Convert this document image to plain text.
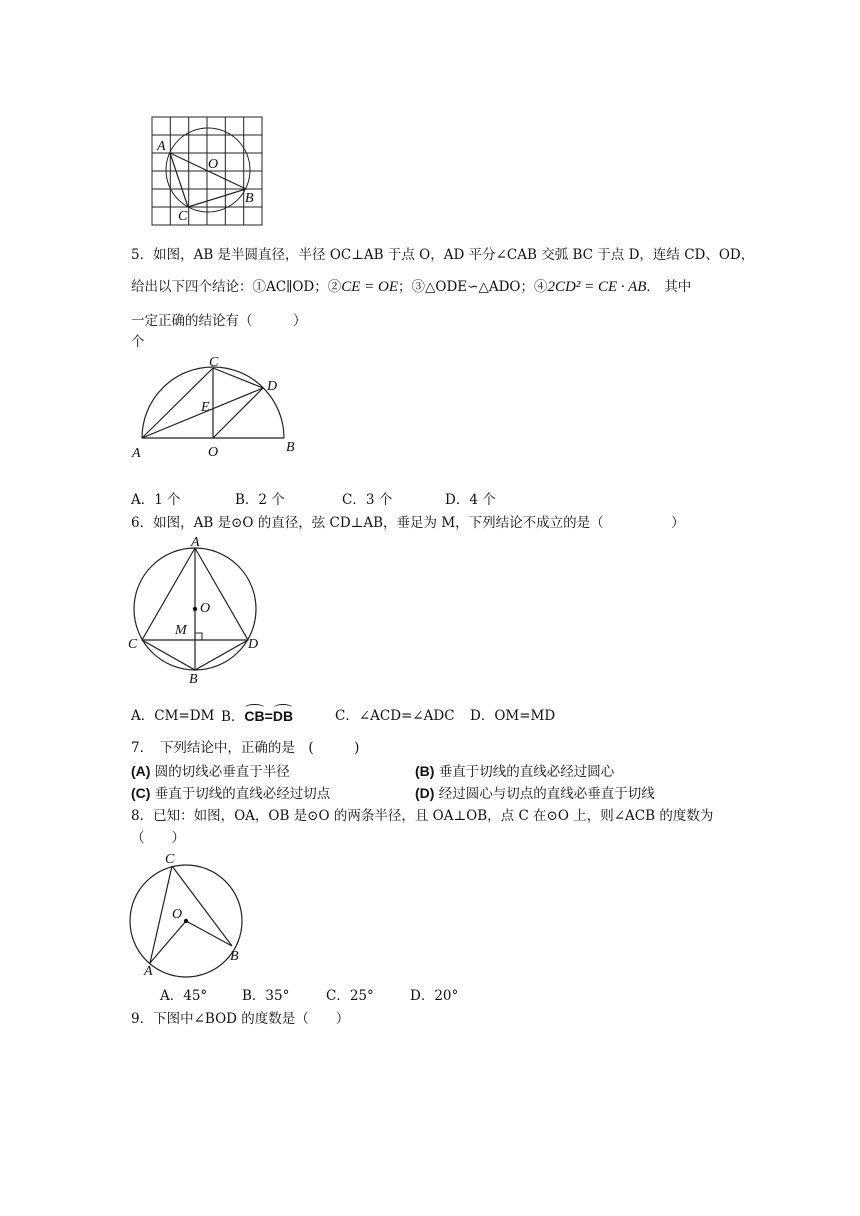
A
O
B
C
5．如图，AB 是半圆直径，半径 OC⊥AB 于点 O，AD 平分∠CAB 交弧 BC 于点 D，连结 CD、OD，
给出以下四个结论：①AC∥OD；②CE = OE；③△ODE∽△ADO；④2CD² = CE · AB． 其中
一定正确的结论有（　　　）
个
C
D
E
A	O	B
A．1 个	B．2 个	C．3 个	D．4 个
6．如图，AB 是⊙O 的直径，弦 CD⊥AB，垂足为 M，下列结论不成立的是（　　　　　）
A
O
M
C	D
B
A．CM=DM B．CB=DB	C．∠ACD=∠ADC D．OM=MD
7．　下列结论中，正确的是　(　　　)
(A) 圆的切线必垂直于半径	(B) 垂直于切线的直线必经过圆心
(C) 垂直于切线的直线必经过切点	(D) 经过圆心与切点的直线必垂直于切线
8．已知：如图，OA，OB 是⊙O 的两条半径，且 OA⊥OB，点 C 在⊙O 上，则∠ACB 的度数为
（　　）
C
O
B
A
A．45°	B．35°	C．25°	D．20°
9．下图中∠BOD 的度数是（　　）
